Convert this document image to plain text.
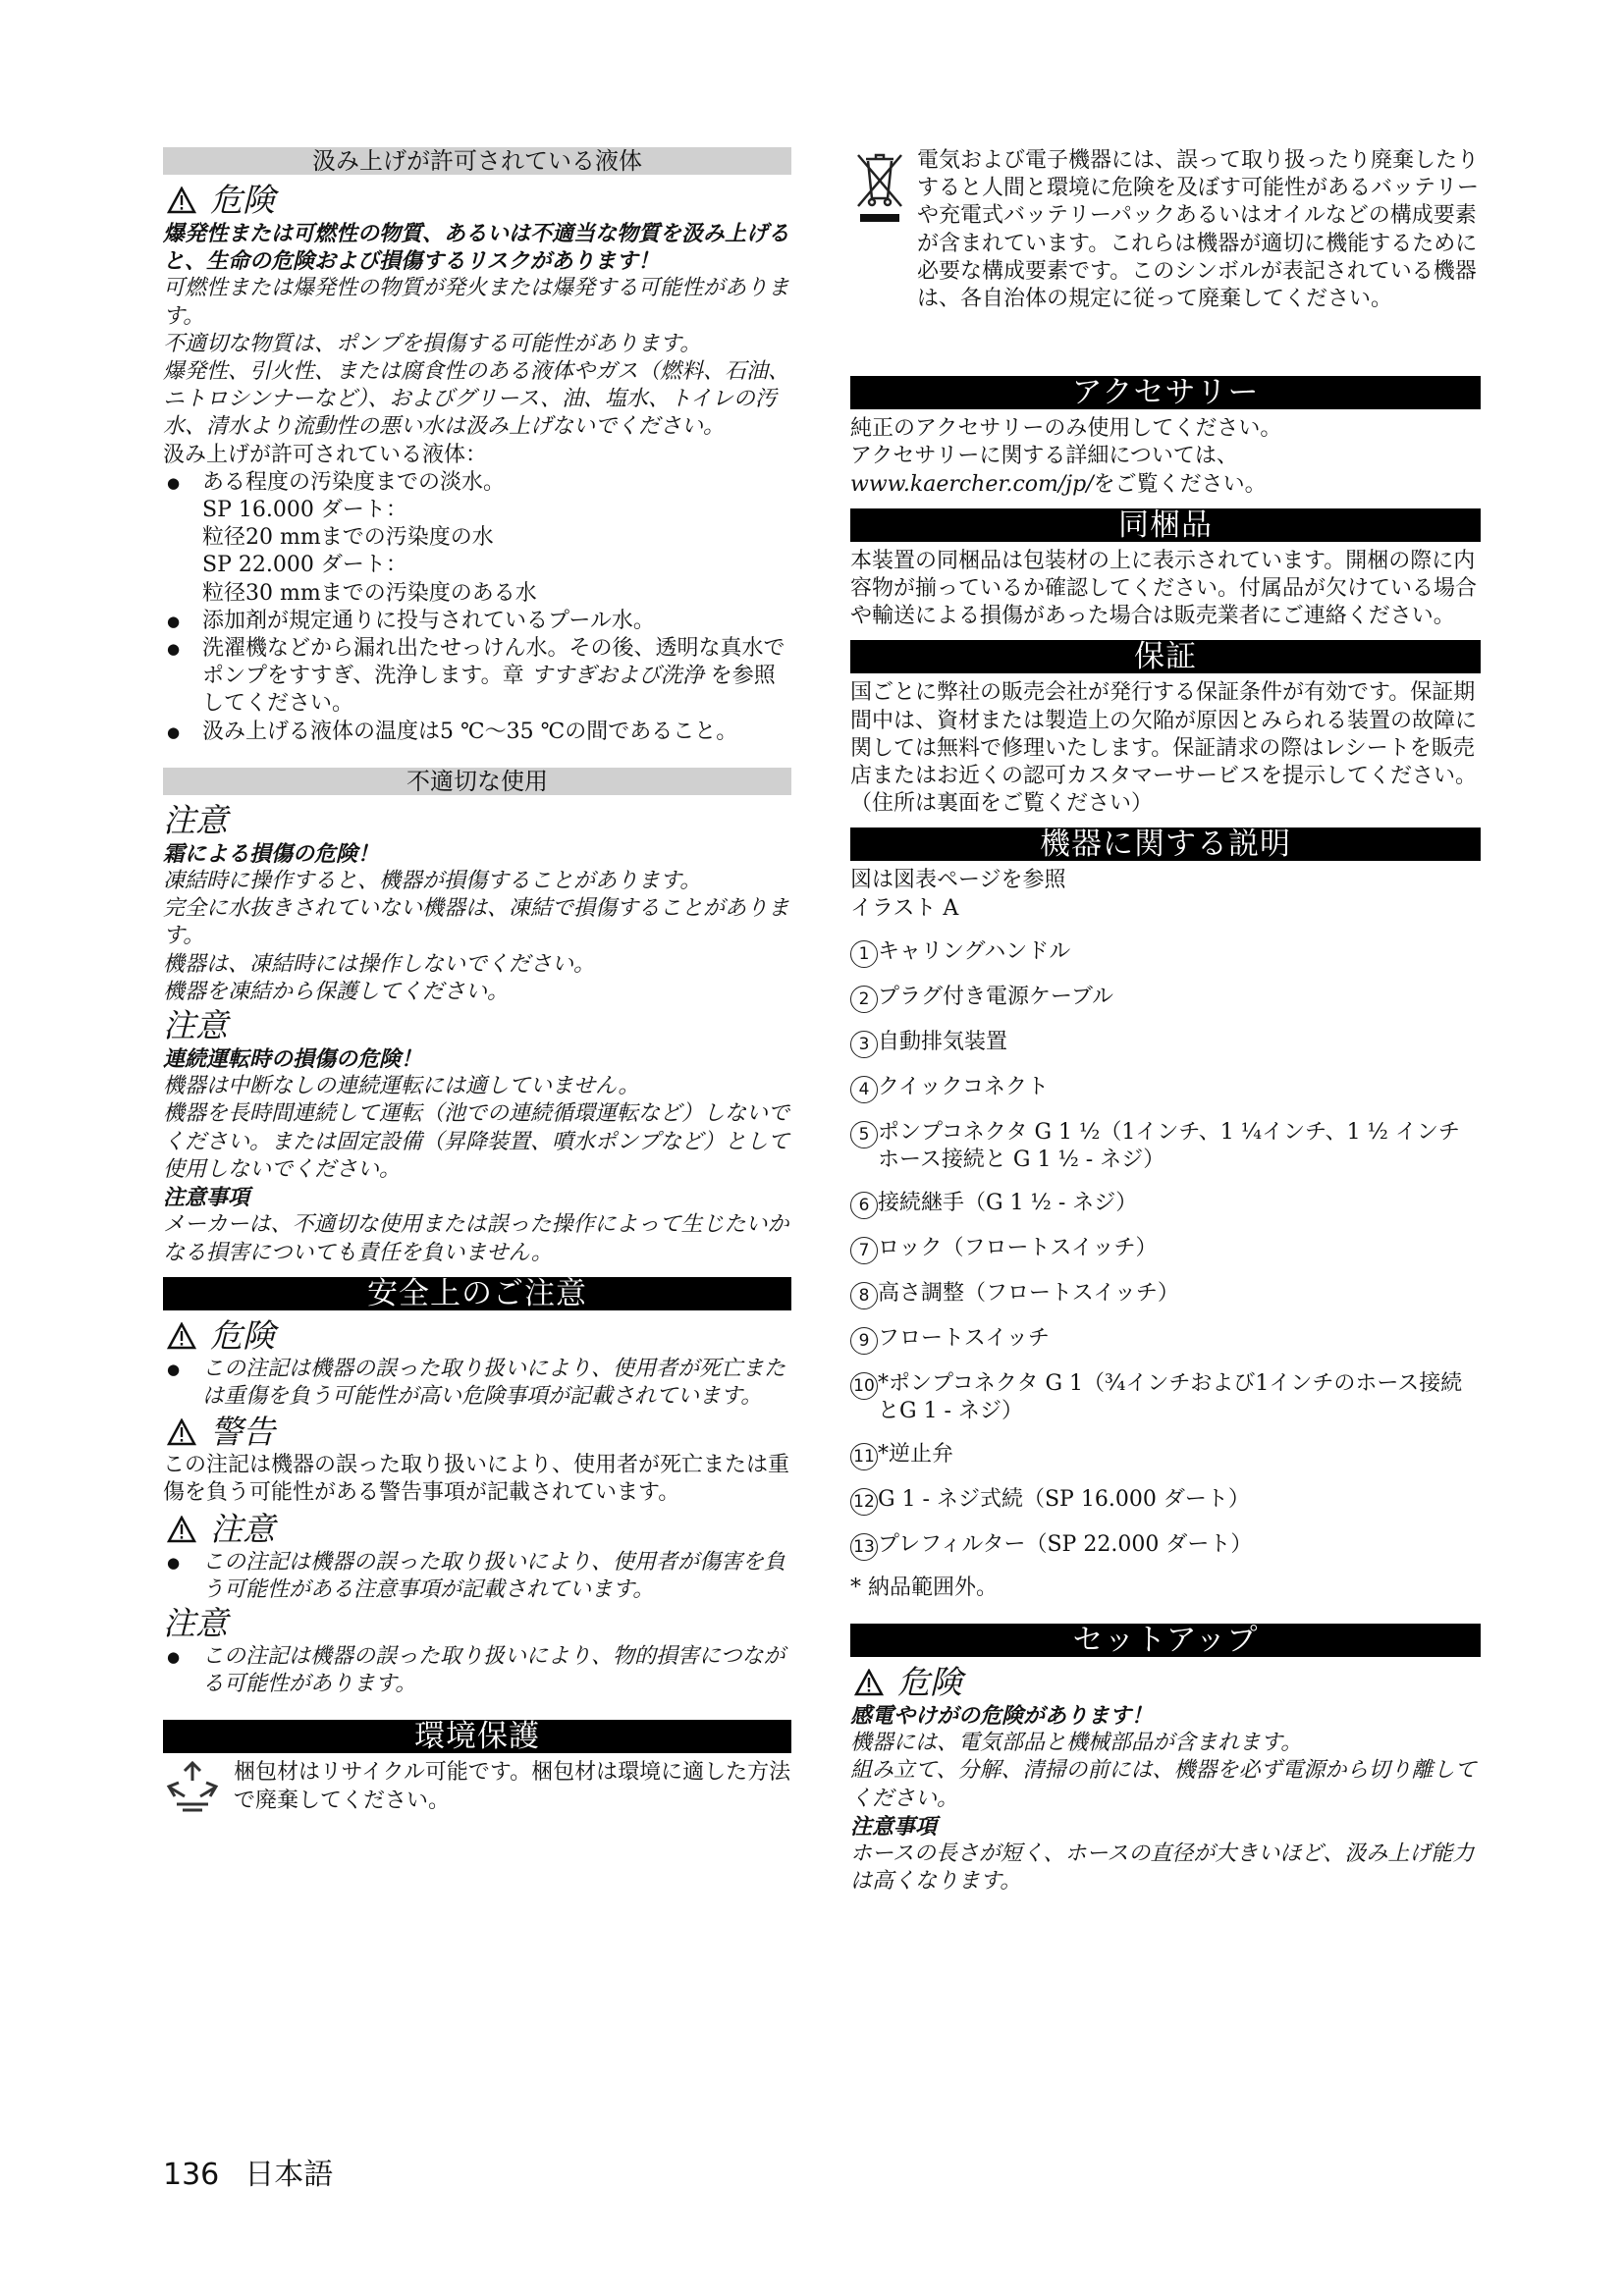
汲み上げが許可されている液体
危険

爆発性または可燃性の物質、あるいは不適当な物質を汲み上げると、生命の危険および損傷するリスクがあります！

可燃性または爆発性の物質が発火または爆発する可能性があります。

不適切な物質は、ポンプを損傷する可能性があります。

爆発性、引火性、または腐食性のある液体やガス（燃料、石油、ニトロシンナーなど）、およびグリース、油、塩水、トイレの汚水、清水より流動性の悪い水は汲み上げないでください。

汲み上げが許可されている液体：

● ある程度の汚染度までの淡水。

SP 16.000 ダート：

粒径20 mmまでの汚染度の水

SP 22.000 ダート：

粒径30 mmまでの汚染度のある水

● 添加剤が規定通りに投与されているプール水。
● 洗濯機などから漏れ出たせっけん水。その後、透明な真水でポンプをすすぎ、洗浄します。章 すすぎおよび洗浄 を参照してください。
● 汲み上げる液体の温度は5 ℃～35 ℃の間であること。
不適切な使用
注意

霜による損傷の危険！

凍結時に操作すると、機器が損傷することがあります。

完全に水抜きされていない機器は、凍結で損傷することがあります。

機器は、凍結時には操作しないでください。

機器を凍結から保護してください。

注意

連続運転時の損傷の危険！

機器は中断なしの連続運転には適していません。

機器を長時間連続して運転（池での連続循環運転など）しないでください。または固定設備（昇降装置、噴水ポンプなど）として使用しないでください。

注意事項

メーカーは、不適切な使用または誤った操作によって生じたいかなる損害についても責任を負いません。

安全上のご注意
危険
● この注記は機器の誤った取り扱いにより、使用者が死亡または重傷を負う可能性が高い危険事項が記載されています。
警告

この注記は機器の誤った取り扱いにより、使用者が死亡または重傷を負う可能性がある警告事項が記載されています。

注意
● この注記は機器の誤った取り扱いにより、使用者が傷害を負う可能性がある注意事項が記載されています。
注意
● この注記は機器の誤った取り扱いにより、物的損害につながる可能性があります。
環境保護

梱包材はリサイクル可能です。梱包材は環境に適した方法で廃棄してください。

電気および電子機器には、誤って取り扱ったり廃棄したりすると人間と環境に危険を及ぼす可能性があるバッテリーや充電式バッテリーパックあるいはオイルなどの構成要素が含まれています。これらは機器が適切に機能するために必要な構成要素です。このシンボルが表記されている機器は、各自治体の規定に従って廃棄してください。

アクセサリー

純正のアクセサリーのみ使用してください。

アクセサリーに関する詳細については、

www.kaercher.com/jp/をご覧ください。

同梱品

本装置の同梱品は包装材の上に表示されています。開梱の際に内容物が揃っているか確認してください。付属品が欠けている場合や輸送による損傷があった場合は販売業者にご連絡ください。

保証

国ごとに弊社の販売会社が発行する保証条件が有効です。保証期間中は、資材または製造上の欠陥が原因とみられる装置の故障に関しては無料で修理いたします。保証請求の際はレシートを販売店またはお近くの認可カスタマーサービスを提示してください。

（住所は裏面をご覧ください）

機器に関する説明

図は図表ページを参照

イラスト A

1 キャリングハンドル
2 プラグ付き電源ケーブル
3 自動排気装置
4 クイックコネクト
5 ポンプコネクタ G 1 ½（1インチ、1 ¼インチ、1 ½ インチ ホース接続と G 1 ½ - ネジ）
6 接続継手（G 1 ½ - ネジ）
7 ロック（フロートスイッチ）
8 高さ調整（フロートスイッチ）
9 フロートスイッチ
10 *ポンプコネクタ G 1（¾インチおよび1インチのホース接続とG 1 - ネジ）
11 *逆止弁
12 G 1 - ネジ式続（SP 16.000 ダート）
13 プレフィルター（SP 22.000 ダート）

* 納品範囲外。

セットアップ
危険

感電やけがの危険があります！

機器には、電気部品と機械部品が含まれます。

組み立て、分解、清掃の前には、機器を必ず電源から切り離してください。

注意事項

ホースの長さが短く、ホースの直径が大きいほど、汲み上げ能力は高くなります。

136 日本語
